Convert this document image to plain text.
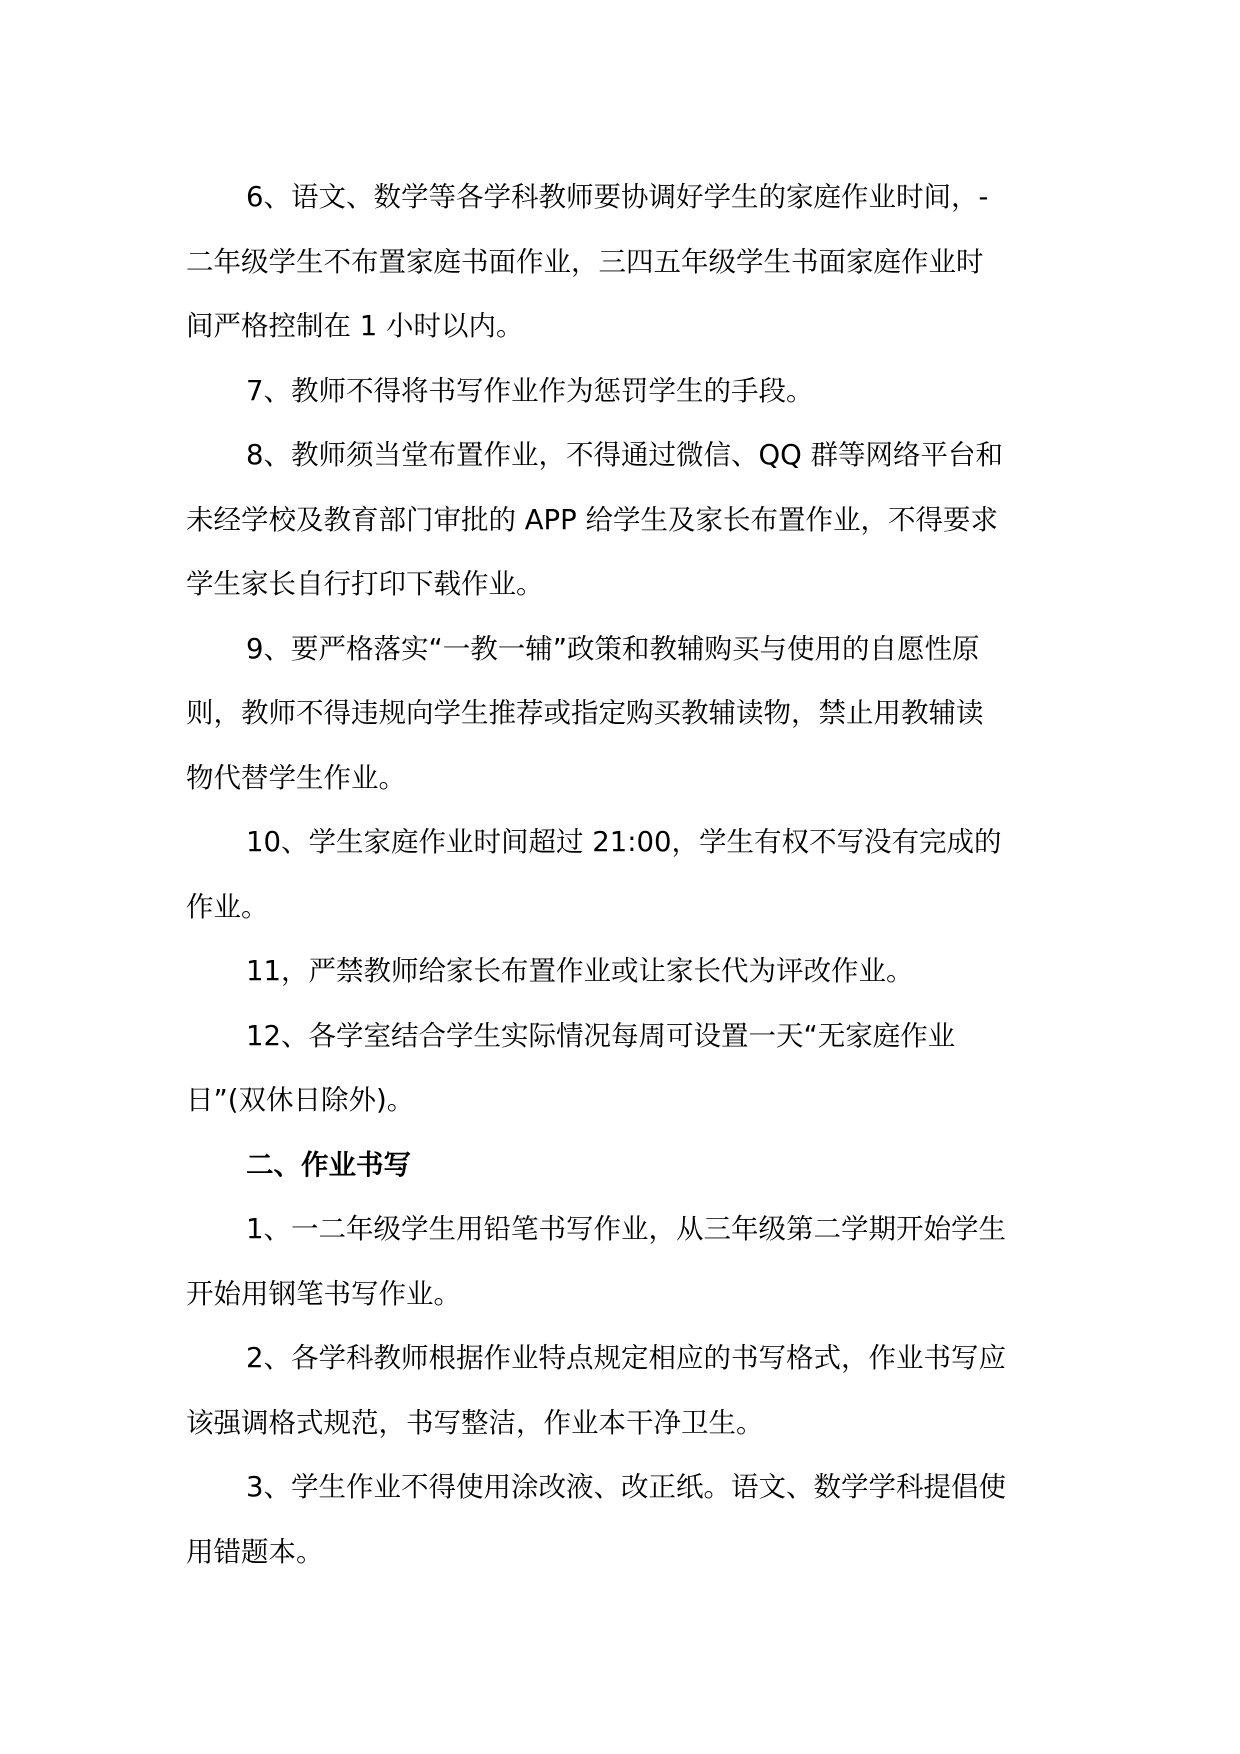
6、语文、数学等各学科教师要协调好学生的家庭作业时间，-
二年级学生不布置家庭书面作业，三四五年级学生书面家庭作业时
间严格控制在 1 小时以内。

7、教师不得将书写作业作为惩罚学生的手段。

8、教师须当堂布置作业，不得通过微信、QQ 群等网络平台和
未经学校及教育部门审批的 APP 给学生及家长布置作业，不得要求
学生家长自行打印下载作业。

9、要严格落实“一教一辅”政策和教辅购买与使用的自愿性原
则，教师不得违规向学生推荐或指定购买教辅读物，禁止用教辅读
物代替学生作业。

10、学生家庭作业时间超过 21:00，学生有权不写没有完成的
作业。

11，严禁教师给家长布置作业或让家长代为评改作业。

12、各学室结合学生实际情况每周可设置一天“无家庭作业
日”(双休日除外)。

二、作业书写

1、一二年级学生用铅笔书写作业，从三年级第二学期开始学生
开始用钢笔书写作业。

2、各学科教师根据作业特点规定相应的书写格式，作业书写应
该强调格式规范，书写整洁，作业本干净卫生。

3、学生作业不得使用涂改液、改正纸。语文、数学学科提倡使
用错题本。
